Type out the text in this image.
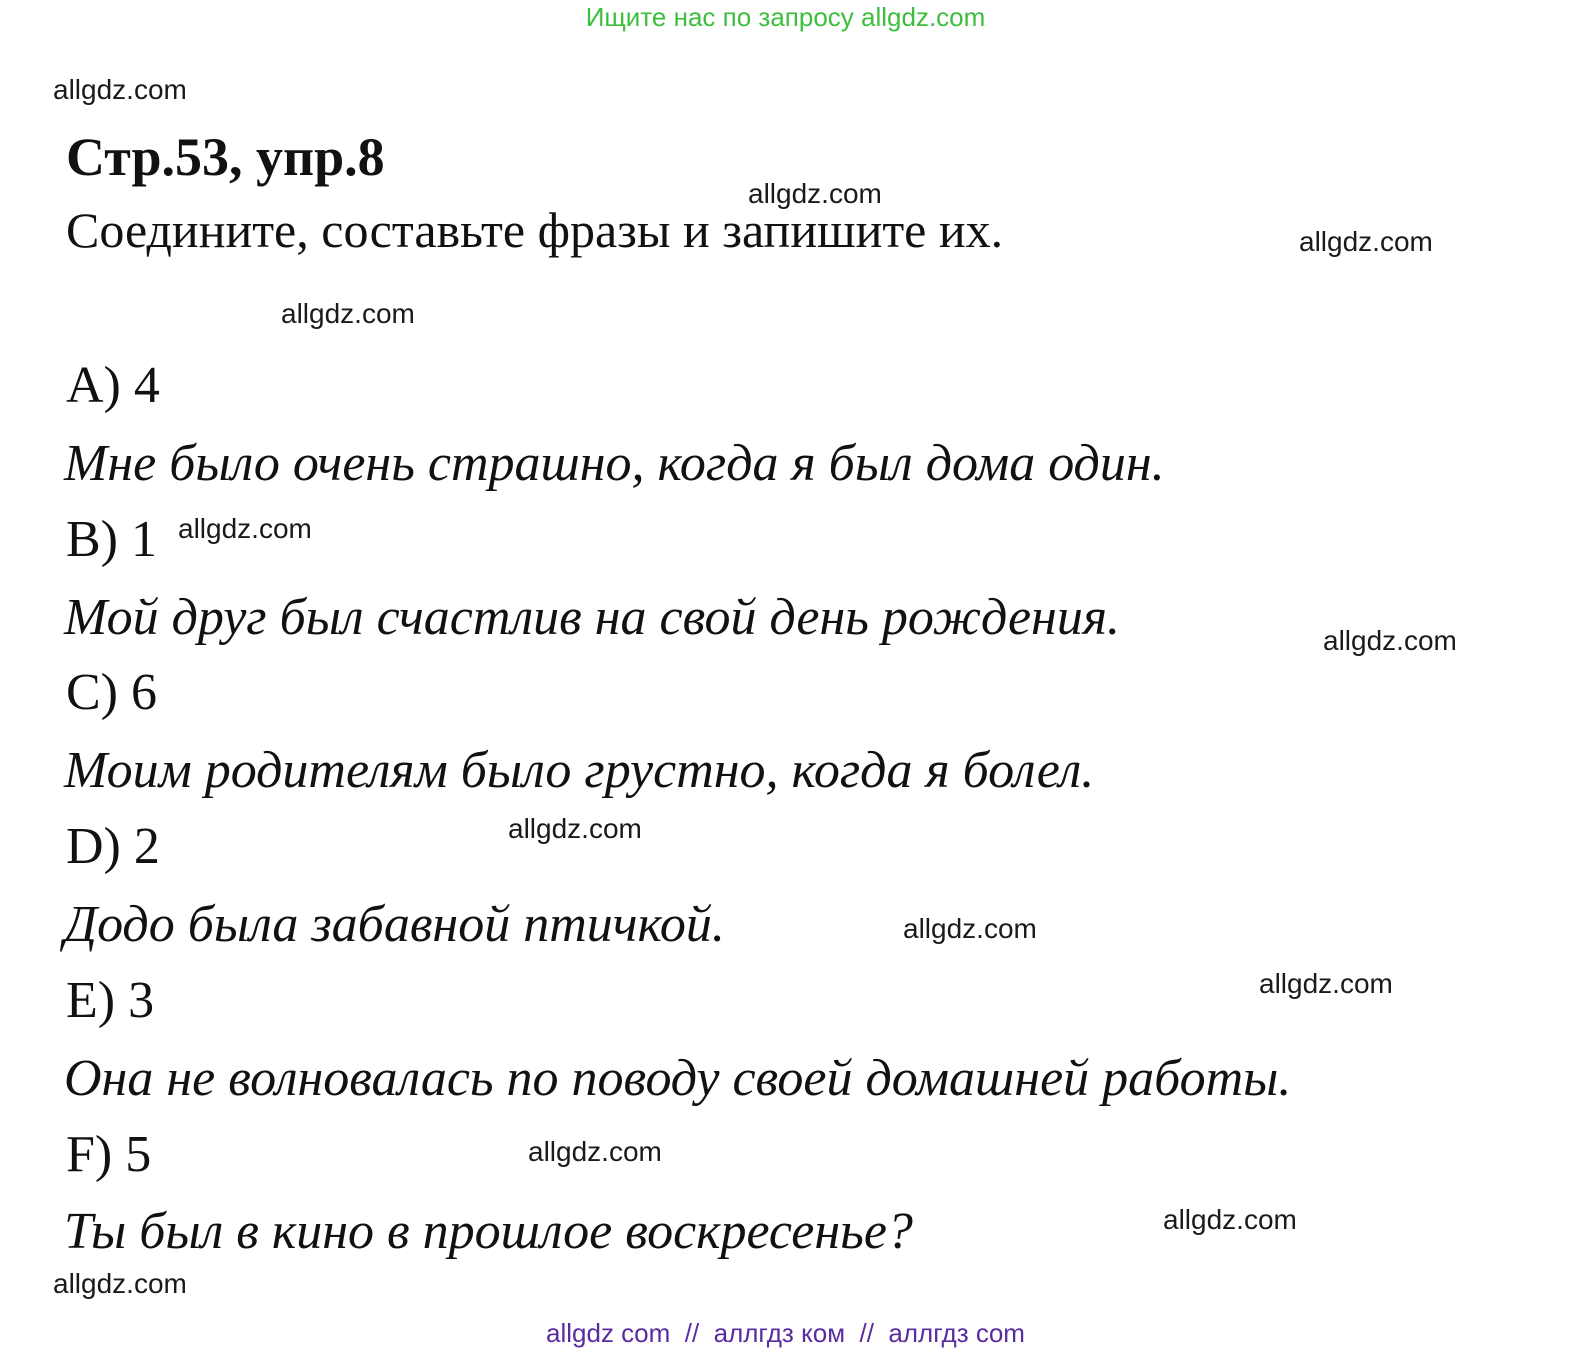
Ищите нас по запросу allgdz.com
allgdz.com
Стр.53, упр.8
allgdz.com
Соедините, составьте фразы и запишите их.	allgdz.com
allgdz.com
A) 4
Мне было очень страшно, когда я был дома один.
B) 1 allgdz.com
Мой друг был счастлив на свой день рождения.	allgdz.com
C) 6
Моим родителям было грустно, когда я болел.
D) 2	allgdz.com
Додо была забавной птичкой.	allgdz.com
E) 3	allgdz.com
Она не волновалась по поводу своей домашней работы.
F) 5	allgdz.com
Ты был в кино в прошлое воскресенье?	allgdz.com
allgdz.com
allgdz com  //  аллгдз ком  //  аллгдз com
